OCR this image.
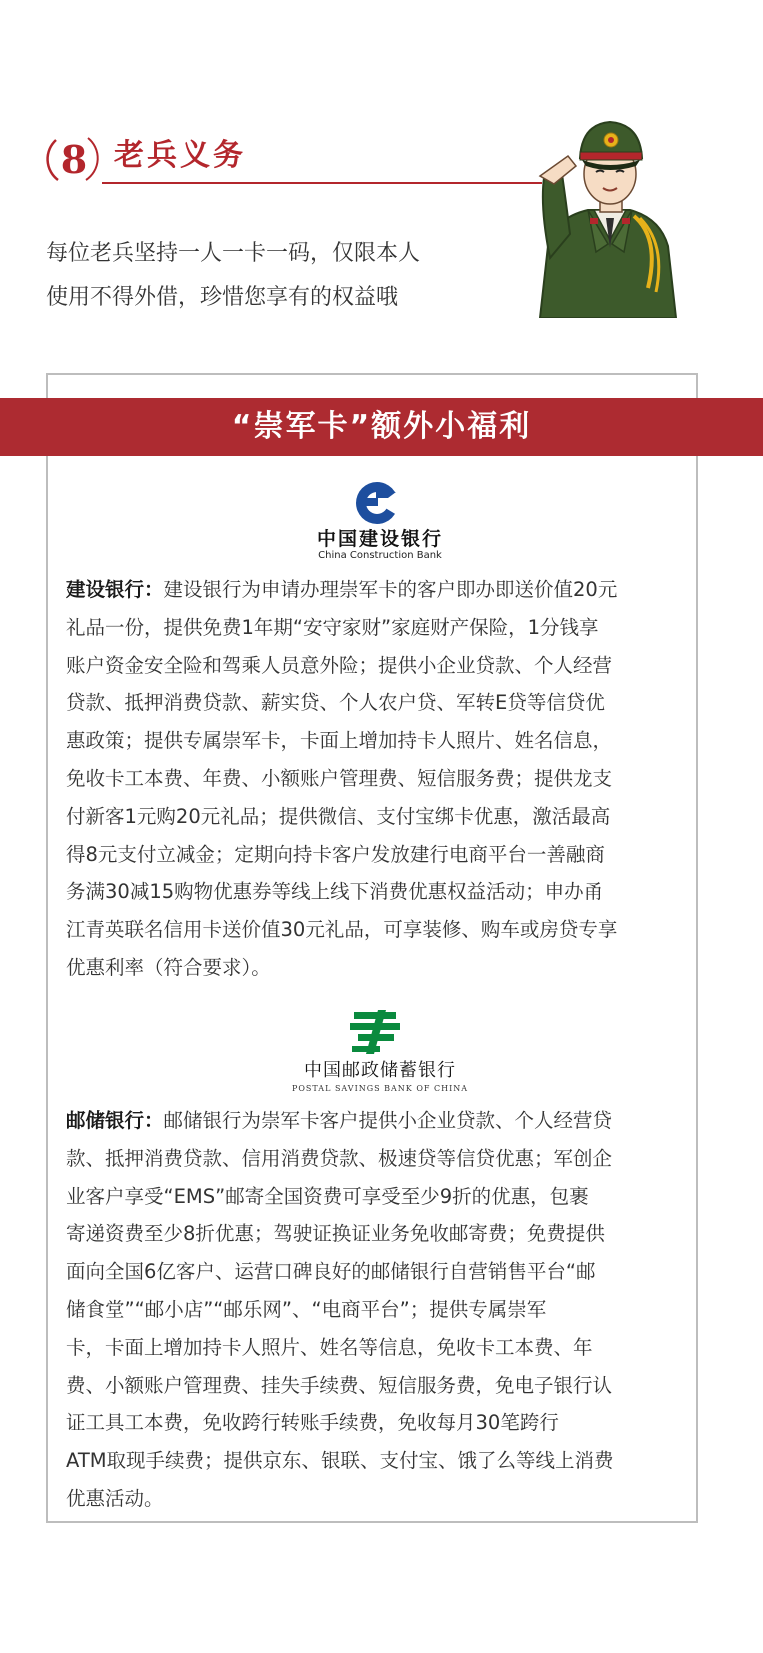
8 老兵义务
每位老兵坚持一人一卡一码，仅限本人
使用不得外借，珍惜您享有的权益哦
“崇军卡”额外小福利
中国建设银行
China Construction Bank
建设银行：建设银行为申请办理崇军卡的客户即办即送价值20元
礼品一份，提供免费1年期“安守家财”家庭财产保险，1分钱享
账户资金安全险和驾乘人员意外险；提供小企业贷款、个人经营
贷款、抵押消费贷款、薪实贷、个人农户贷、军转E贷等信贷优
惠政策；提供专属崇军卡，卡面上增加持卡人照片、姓名信息，
免收卡工本费、年费、小额账户管理费、短信服务费；提供龙支
付新客1元购20元礼品；提供微信、支付宝绑卡优惠，激活最高
得8元支付立减金；定期向持卡客户发放建行电商平台一善融商
务满30减15购物优惠券等线上线下消费优惠权益活动；申办甬
江青英联名信用卡送价值30元礼品，可享装修、购车或房贷专享
优惠利率（符合要求）。
中国邮政储蓄银行
POSTAL SAVINGS BANK OF CHINA
邮储银行：邮储银行为崇军卡客户提供小企业贷款、个人经营贷
款、抵押消费贷款、信用消费贷款、极速贷等信贷优惠；军创企
业客户享受“EMS”邮寄全国资费可享受至少9折的优惠，包裹
寄递资费至少8折优惠；驾驶证换证业务免收邮寄费；免费提供
面向全国6亿客户、运营口碑良好的邮储银行自营销售平台“邮
储食堂”“邮小店”“邮乐网”、“电商平台”；提供专属崇军
卡，卡面上增加持卡人照片、姓名等信息，免收卡工本费、年
费、小额账户管理费、挂失手续费、短信服务费，免电子银行认
证工具工本费，免收跨行转账手续费，免收每月30笔跨行
ATM取现手续费；提供京东、银联、支付宝、饿了么等线上消费
优惠活动。
